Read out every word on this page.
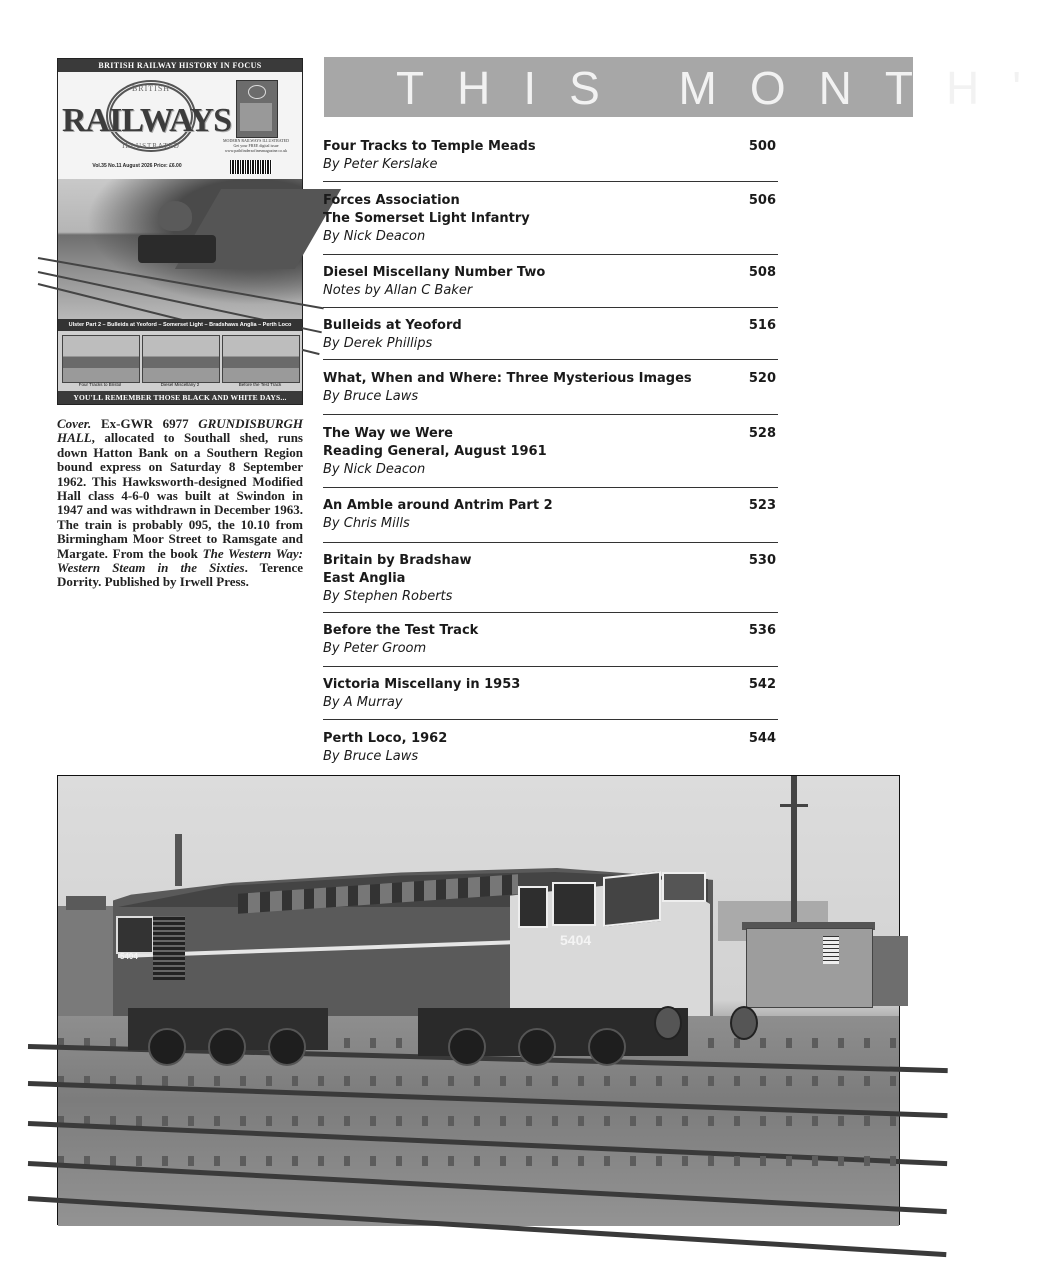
BRITISH RAILWAY HISTORY IN FOCUS
BRITISH
RAILWAYS
ILLUSTRATED
Vol.35 No.11 August 2026 Price: £6.00
MODERN RAILWAYS ILLUSTRATED
Get your FREE digital issue
www.pathfindersofinesmagazine.co.uk
Ulster Part 2 – Bulleids at Yeoford – Somerset Light – Bradshaws Anglia – Perth Loco
Four Tracks to Bristol	Diesel Miscellany 2	Before the Test Track
YOU'LL REMEMBER THOSE BLACK AND WHITE DAYS...
Cover. Ex-GWR 6977 GRUNDISBURGH HALL, allocated to Southall shed, runs down Hatton Bank on a Southern Region bound express on Saturday 8 September 1962. This Hawksworth-designed Modified Hall class 4-6-0 was built at Swindon in 1947 and was withdrawn in December 1963. The train is probably 095, the 10.10 from Birmingham Moor Street to Ramsgate and Margate. From the book The Western Way: Western Steam in the Sixties. Terence Dorrity. Published by Irwell Press.
THIS MONTH'
Four Tracks to Temple Meads
By Peter Kerslake
500
Forces Association
The Somerset Light Infantry
By Nick Deacon
506
Diesel Miscellany Number Two
Notes by Allan C Baker
508
Bulleids at Yeoford
By Derek Phillips
516
What, When and Where: Three Mysterious Images
By Bruce Laws
520
The Way we Were
Reading General, August 1961
By Nick Deacon
528
An Amble around Antrim Part 2
By Chris Mills
523
Britain by Bradshaw
East Anglia
By Stephen Roberts
530
Before the Test Track
By Peter Groom
536
Victoria Miscellany in 1953
By A Murray
542
Perth Loco, 1962
By Bruce Laws
544
5404
5404
